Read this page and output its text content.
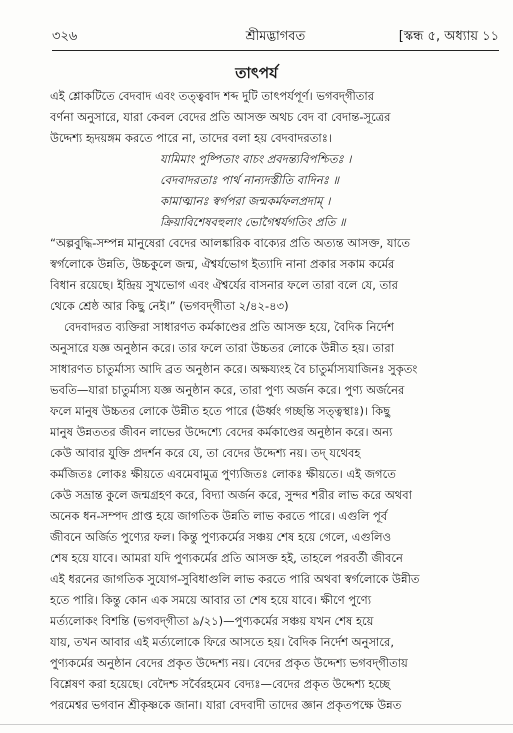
৩২৬	শ্রীমদ্ভাগবত	[স্কন্ধ ৫, অধ্যায় ১১
তাৎপর্য
এই শ্লোকটিতে বেদবাদ এবং তত্ত্ববাদ শব্দ দুটি তাৎপর্যপূর্ণ। ভগবদ্‌গীতার
বর্ণনা অনুসারে, যারা কেবল বেদের প্রতি আসক্ত অথচ বেদ বা বেদান্ত-সূত্রের
উদ্দেশ্য হৃদয়ঙ্গম করতে পারে না, তাদের বলা হয় বেদবাদরতাঃ।
যামিমাং পুষ্পিতাং বাচং প্রবদন্ত্যবিপশ্চিতঃ ।
বেদবাদরতাঃ পার্থ নান্যদস্তীতি বাদিনঃ ॥
কামাত্মানঃ স্বর্গপরা জন্মকর্মফলপ্রদাম্ ।
ক্রিয়াবিশেষবহুলাং ভোগৈশ্বর্যগতিং প্রতি ॥
“অল্পবুদ্ধি-সম্পন্ন মানুষেরা বেদের আলঙ্কারিক বাক্যের প্রতি অত্যন্ত আসক্ত, যাতে
স্বর্গলোকে উন্নতি, উচ্চকুলে জন্ম, ঐশ্বর্যভোগ ইত্যাদি নানা প্রকার সকাম কর্মের
বিধান রয়েছে। ইন্দ্রিয় সুখভোগ এবং ঐশ্বর্যের বাসনার ফলে তারা বলে যে, তার
থেকে শ্রেষ্ঠ আর কিছু নেই।” (ভগবদ্‌গীতা ২/৪২-৪৩)
বেদবাদরত ব্যক্তিরা সাধারণত কর্মকাণ্ডের প্রতি আসক্ত হয়ে, বৈদিক নির্দেশ
অনুসারে যজ্ঞ অনুষ্ঠান করে। তার ফলে তারা উচ্চতর লোকে উন্নীত হয়। তারা
সাধারণত চাতুর্মাস্য আদি ব্রত অনুষ্ঠান করে। অক্ষয্যংহ বৈ চাতুর্মাস্যযাজিনঃ সুকৃতং
ভবতি—যারা চাতুর্মাস্য যজ্ঞ অনুষ্ঠান করে, তারা পুণ্য অর্জন করে। পুণ্য অর্জনের
ফলে মানুষ উচ্চতর লোকে উন্নীত হতে পারে (ঊর্ধ্বং গচ্ছন্তি সত্ত্বস্থাঃ)। কিছু
মানুষ উন্নততর জীবন লাভের উদ্দেশ্যে বেদের কর্মকাণ্ডের অনুষ্ঠান করে। অন্য
কেউ আবার যুক্তি প্রদর্শন করে যে, তা বেদের উদ্দেশ্য নয়। তদ্ যথেবহ
কর্মজিতঃ লোকঃ ক্ষীয়তে এবমেবামুত্র পুণ্যজিতঃ লোকঃ ক্ষীয়তে। এই জগতে
কেউ সভ্রান্ত কুলে জন্মগ্রহণ করে, বিদ্যা অর্জন করে, সুন্দর শরীর লাভ করে অথবা
অনেক ধন-সম্পদ প্রাপ্ত হয়ে জাগতিক উন্নতি লাভ করতে পারে। এগুলি পূর্ব
জীবনে অর্জিত পুণ্যের ফল। কিন্তু পুণ্যকর্মের সঞ্চয় শেষ হয়ে গেলে, এগুলিও
শেষ হয়ে যাবে। আমরা যদি পুণ্যকর্মের প্রতি আসক্ত হই, তাহলে পরবর্তী জীবনে
এই ধরনের জাগতিক সুযোগ-সুবিধাগুলি লাভ করতে পারি অথবা স্বর্গলোকে উন্নীত
হতে পারি। কিন্তু কোন এক সময়ে আবার তা শেষ হয়ে যাবে। ক্ষীণে পুণ্যে
মর্ত্যলোকং বিশন্তি (ভগবদ্‌গীতা ৯/২১)—পুণ্যকর্মের সঞ্চয় যখন শেষ হয়ে
যায়, তখন আবার এই মর্ত্যলোকে ফিরে আসতে হয়। বৈদিক নির্দেশ অনুসারে,
পুণ্যকর্মের অনুষ্ঠান বেদের প্রকৃত উদ্দেশ্য নয়। বেদের প্রকৃত উদ্দেশ্য ভগবদ্‌গীতায়
বিশ্লেষণ করা হয়েছে। বেদৈশ্চ সর্বৈরহমেব বেদ্যঃ—বেদের প্রকৃত উদ্দেশ্য হচ্ছে
পরমেশ্বর ভগবান শ্রীকৃষ্ণকে জানা। যারা বেদবাদী তাদের জ্ঞান প্রকৃতপক্ষে উন্নত
